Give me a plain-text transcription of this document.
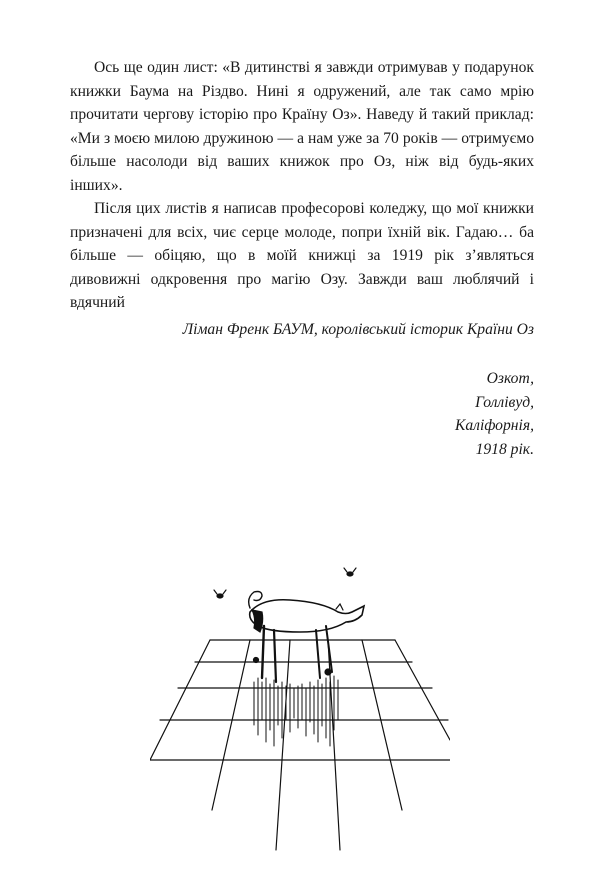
Ось ще один лист: «В дитинстві я завжди отримував у подарунок книжки Баума на Різдво. Нині я одружений, але так само мрію прочитати чергову історію про Країну Оз». Наведу й такий приклад: «Ми з моєю милою дружиною — а нам уже за 70 років — отримуємо більше насолоди від ваших книжок про Оз, ніж від будь-яких інших».

Після цих листів я написав професорові коледжу, що мої книжки призначені для всіх, чиє серце молоде, попри їхній вік. Гадаю… ба більше — обіцяю, що в моїй книжці за 1919 рік з’являться дивовижні одкровення про магію Озу. Завжди ваш люблячий і вдячний

Ліман Френк БАУМ, королівський історик Країни Оз
Озкот,
Голлівуд,
Каліфорнія,
1918 рік.
